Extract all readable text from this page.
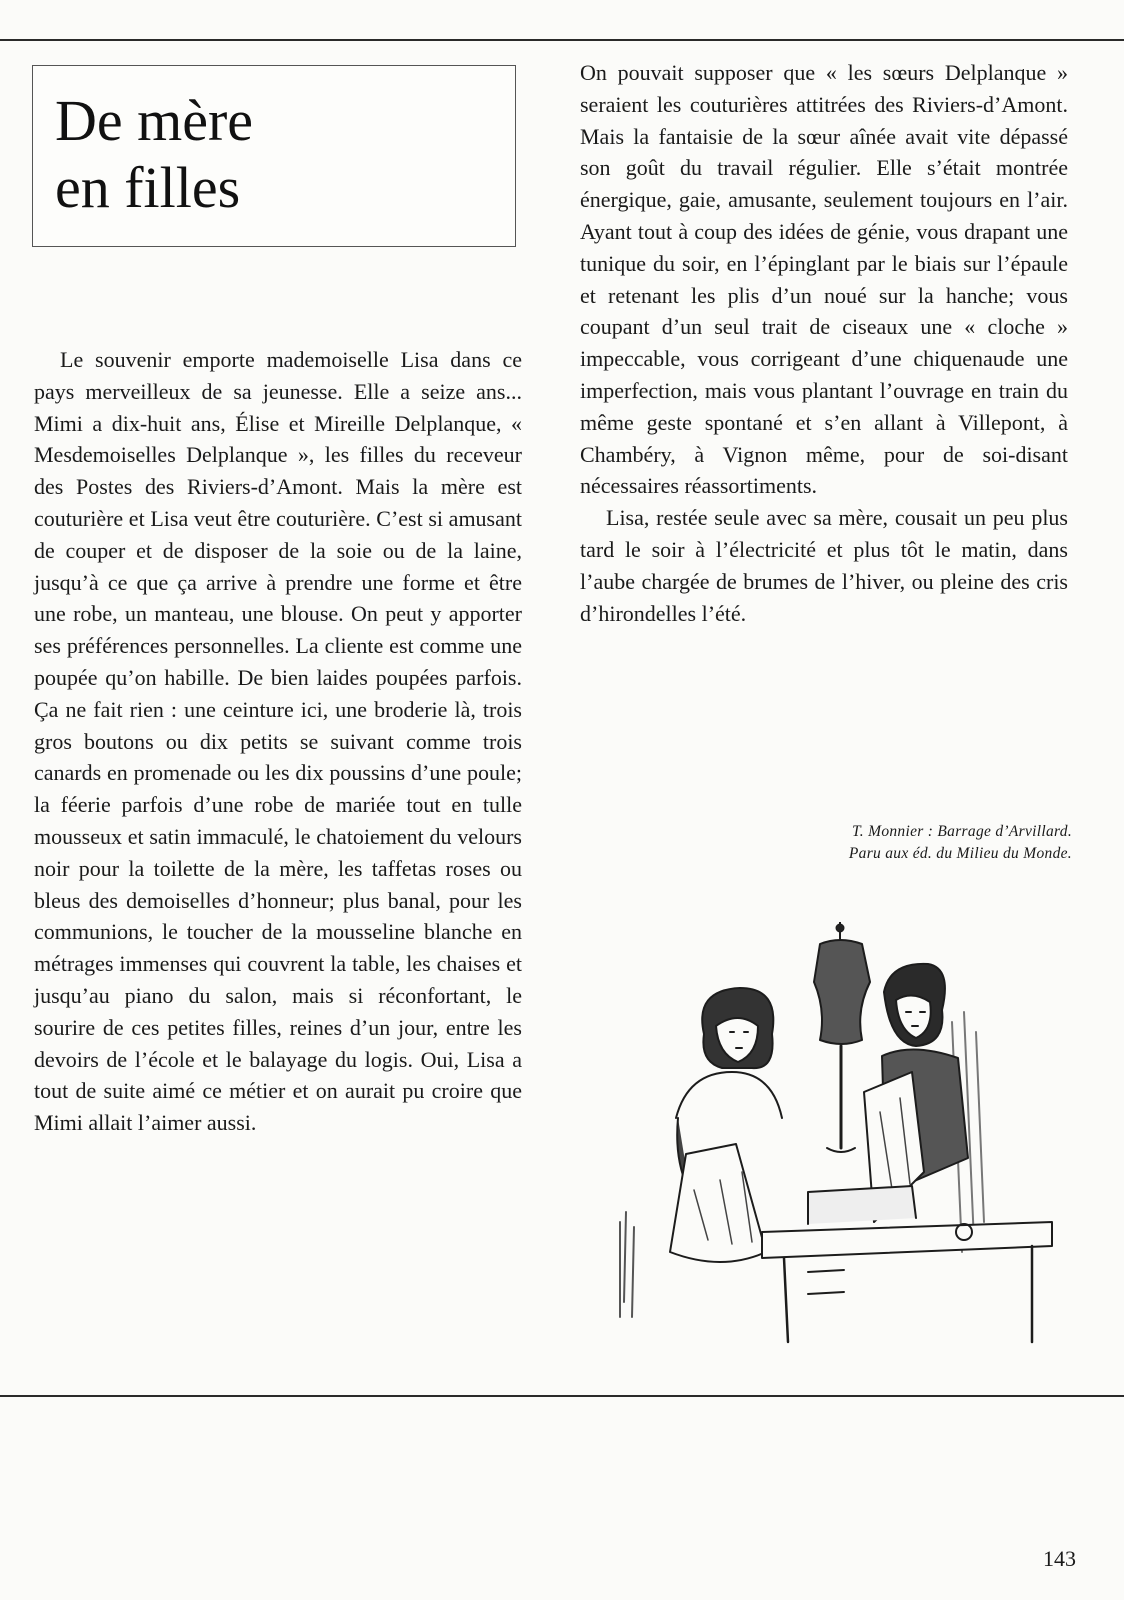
De mère
en filles

Le souvenir emporte mademoiselle Lisa dans ce pays merveilleux de sa jeunesse. Elle a seize ans... Mimi a dix-huit ans, Élise et Mireille Delplanque, « Mesdemoiselles Delplanque », les filles du receveur des Postes des Riviers-d’Amont. Mais la mère est couturière et Lisa veut être couturière. C’est si amusant de couper et de disposer de la soie ou de la laine, jusqu’à ce que ça arrive à prendre une forme et être une robe, un manteau, une blouse. On peut y apporter ses préférences personnelles. La cliente est comme une poupée qu’on habille. De bien laides poupées parfois. Ça ne fait rien : une ceinture ici, une broderie là, trois gros boutons ou dix petits se suivant comme trois canards en promenade ou les dix poussins d’une poule; la féerie parfois d’une robe de mariée tout en tulle mousseux et satin immaculé, le chatoiement du velours noir pour la toilette de la mère, les taffetas roses ou bleus des demoiselles d’honneur; plus banal, pour les communions, le toucher de la mousseline blanche en métrages immenses qui couvrent la table, les chaises et jusqu’au piano du salon, mais si réconfortant, le sourire de ces petites filles, reines d’un jour, entre les devoirs de l’école et le balayage du logis. Oui, Lisa a tout de suite aimé ce métier et on aurait pu croire que Mimi allait l’aimer aussi.

On pouvait supposer que « les sœurs Delplanque » seraient les couturières attitrées des Riviers-d’Amont. Mais la fantaisie de la sœur aînée avait vite dépassé son goût du travail régulier. Elle s’était montrée énergique, gaie, amusante, seulement toujours en l’air. Ayant tout à coup des idées de génie, vous drapant une tunique du soir, en l’épinglant par le biais sur l’épaule et retenant les plis d’un noué sur la hanche; vous coupant d’un seul trait de ciseaux une « cloche » impeccable, vous corrigeant d’une chiquenaude une imperfection, mais vous plantant l’ouvrage en train du même geste spontané et s’en allant à Villepont, à Chambéry, à Vignon même, pour de soi-disant nécessaires réassortiments.

Lisa, restée seule avec sa mère, cousait un peu plus tard le soir à l’électricité et plus tôt le matin, dans l’aube chargée de brumes de l’hiver, ou pleine des cris d’hirondelles l’été.

T. Monnier : Barrage d’Arvillard.
Paru aux éd. du Milieu du Monde.
143
